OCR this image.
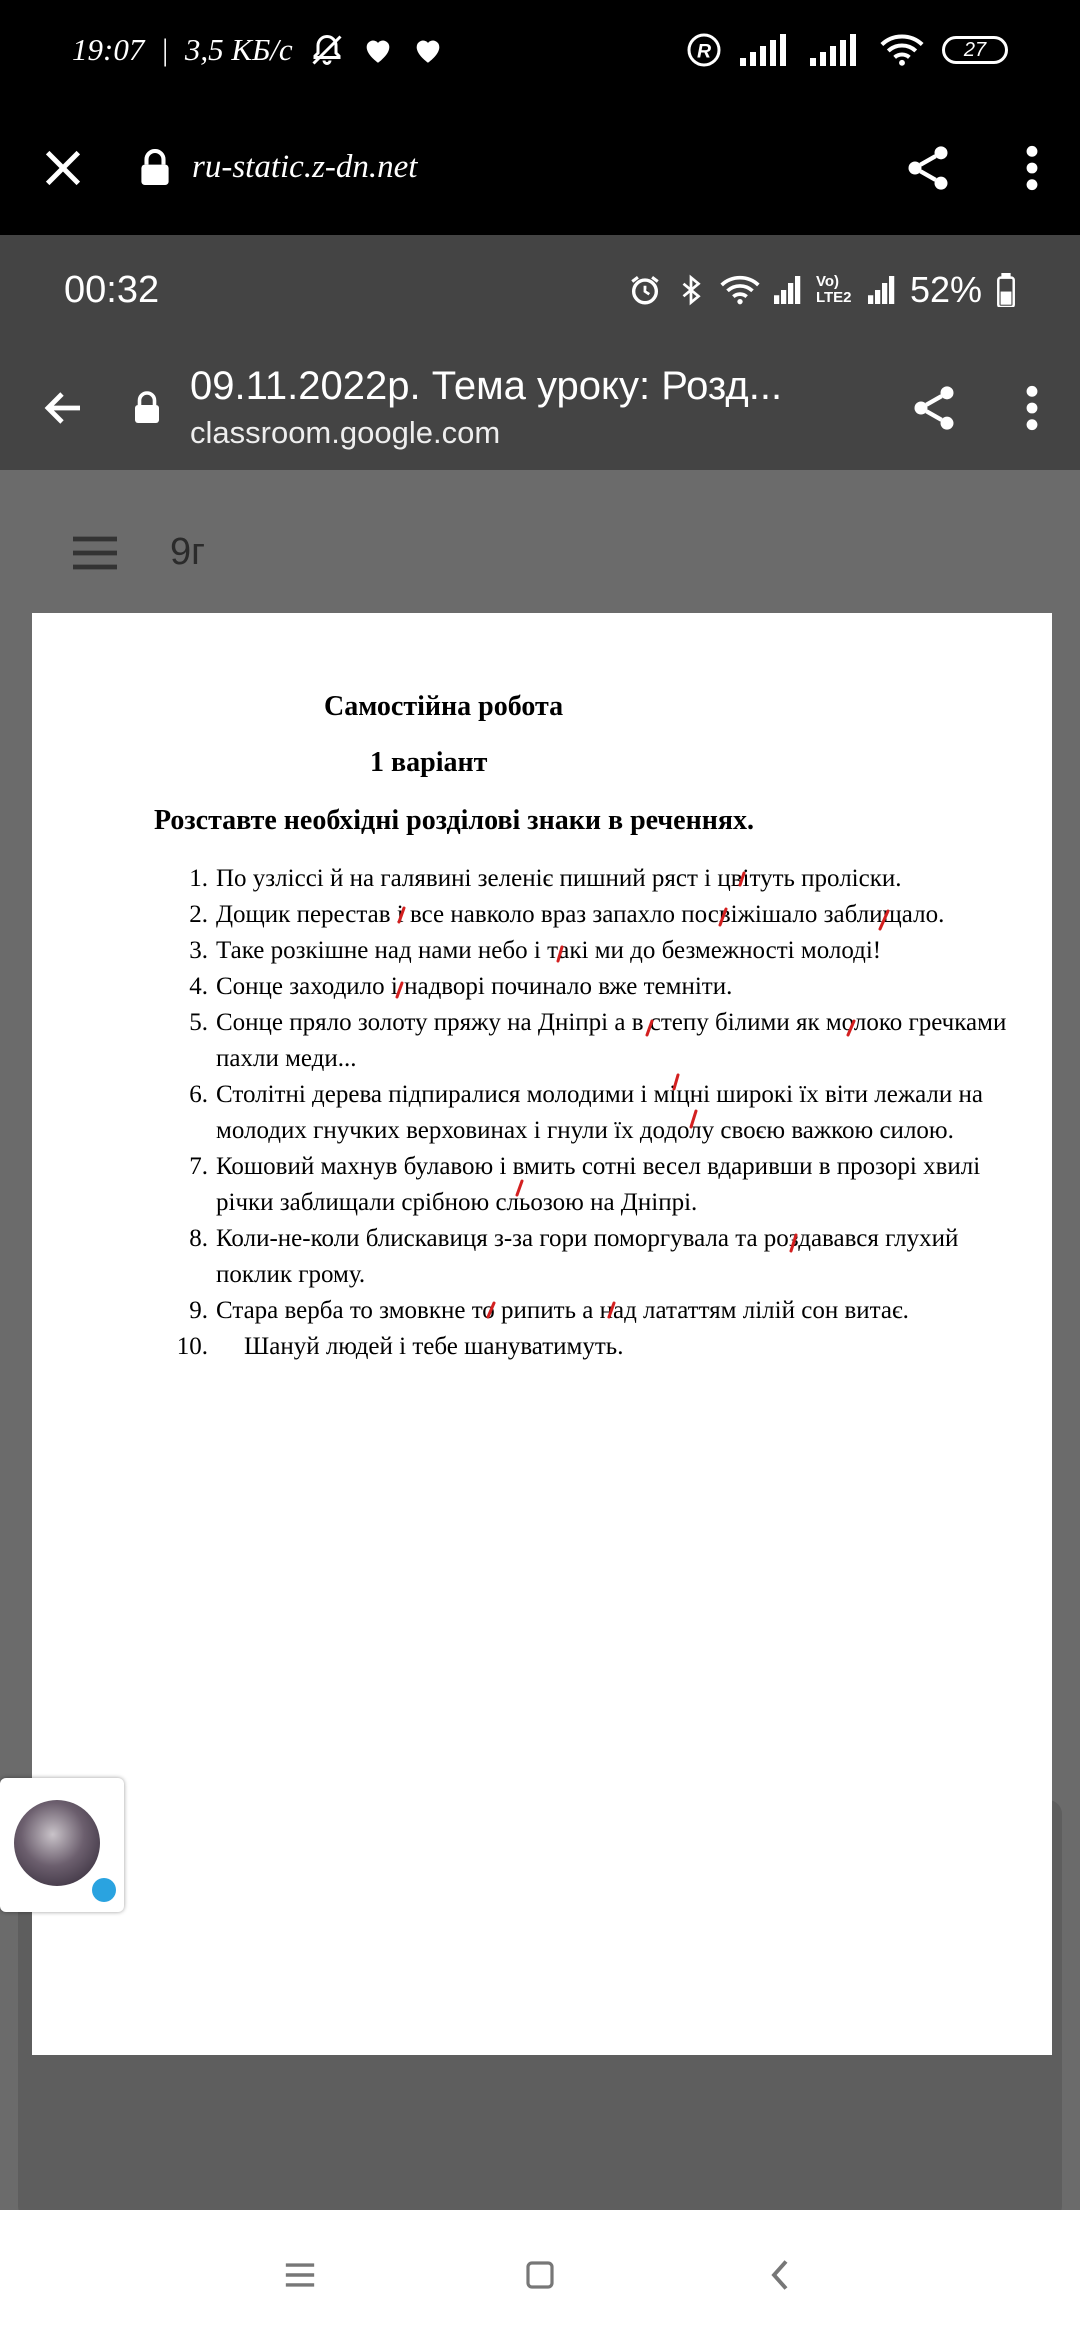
19:07 | 3,5 КБ/с	R	27
ru-static.z-dn.net
00:32	Vo) LTE2 52%
09.11.2022р. Тема уроку: Розд...
classroom.google.com
9г
Самостійна робота
1 варіант
Розставте необхідні розділові знаки в реченнях.
1. По узліссі й на галявині зеленіє пишний ряст і цвітуть проліски.
2. Дощик перестав і все навколо враз запахло посвіжішало заблищало.
3. Таке розкішне над нами небо і такі ми до безмежності молоді!
4. Сонце заходило і надворі починало вже темніти.
5. Сонце пряло золоту пряжу на Дніпрі а в степу білими як молоко гречками пахли меди...
6. Столітні дерева підпиралися молодими і міцні широкі їх віти лежали на молодих гнучких верховинах і гнули їх додолу своєю важкою силою.
7. Кошовий махнув булавою і вмить сотні весел вдаривши в прозорі хвилі річки заблищали срібною сльозою на Дніпрі.
8. Коли-не-коли блискавиця з-за гори поморгувала та роздавався глухий поклик грому.
9. Стара верба то змовкне то рипить а над лататтям лілій сон витає.
10. Шануй людей і тебе шануватимуть.
